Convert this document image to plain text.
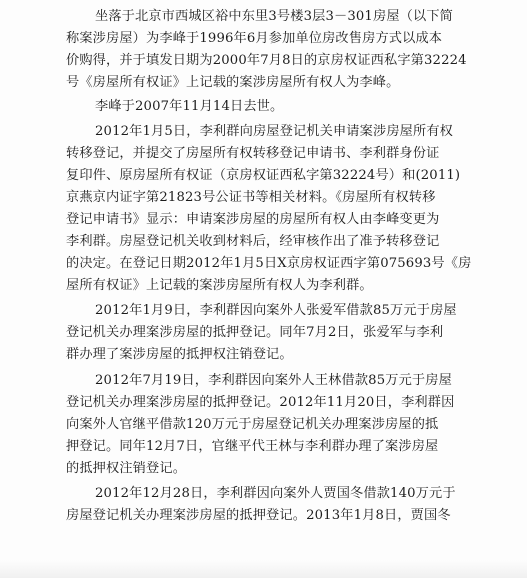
坐落于北京市西城区裕中东里3号楼3层3－301房屋（以下简
称案涉房屋）为李峰于1996年6月参加单位房改售房方式以成本
价购得，并于填发日期为2000年7月8日的京房权证西私字第32224
号《房屋所有权证》上记载的案涉房屋所有权人为李峰。
李峰于2007年11月14日去世。
2012年1月5日，李利群向房屋登记机关申请案涉房屋所有权
转移登记，并提交了房屋所有权转移登记申请书、李利群身份证
复印件、原房屋所有权证（京房权证西私字第32224号）和(2011)
京燕京内证字第21823号公证书等相关材料。《房屋所有权转移
登记申请书》显示：申请案涉房屋的房屋所有权人由李峰变更为
李利群。房屋登记机关收到材料后，经审核作出了准予转移登记
的决定。在登记日期2012年1月5日X京房权证西字第075693号《房
屋所有权证》上记载的案涉房屋所有权人为李利群。
2012年1月9日，李利群因向案外人张爱军借款85万元于房屋
登记机关办理案涉房屋的抵押登记。同年7月2日，张爱军与李利
群办理了案涉房屋的抵押权注销登记。
2012年7月19日，李利群因向案外人王林借款85万元于房屋
登记机关办理案涉房屋的抵押登记。2012年11月20日，李利群因
向案外人官继平借款120万元于房屋登记机关办理案涉房屋的抵
押登记。同年12月7日，官继平代王林与李利群办理了案涉房屋
的抵押权注销登记。
2012年12月28日，李利群因向案外人贾国冬借款140万元于
房屋登记机关办理案涉房屋的抵押登记。2013年1月8日，贾国冬
